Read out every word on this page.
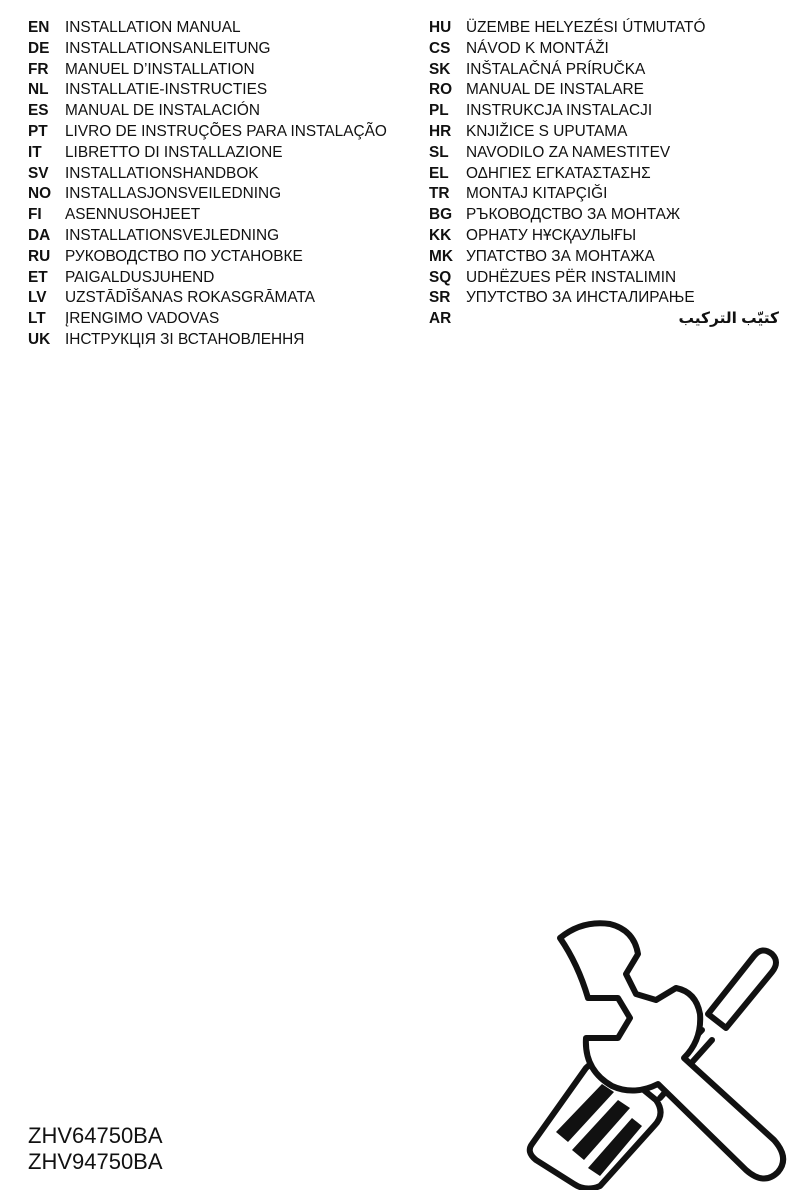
EN	INSTALLATION MANUAL
DE	INSTALLATIONSANLEITUNG
FR	MANUEL D’INSTALLATION
NL	INSTALLATIE-INSTRUCTIES
ES	MANUAL DE INSTALACIÓN
PT	LIVRO DE INSTRUÇÕES PARA INSTALAÇÃO
IT	LIBRETTO DI INSTALLAZIONE
SV	INSTALLATIONSHANDBOK
NO INSTALLASJONSVEILEDNING
FI	ASENNUSOHJEET
DA INSTALLATIONSVEJLEDNING
RU РУКОВОДСТВО ПО УСТАНОВКЕ
ET	PAIGALDUSJUHEND
LV	UZSTĀDĪŠANAS ROKASGRĀMATA
LT	ĮRENGIMO VADOVAS
UK ІНСТРУКЦІЯ ЗІ ВСТАНОВЛЕННЯ
HU ÜZEMBE HELYEZÉSI ÚTMUTATÓ
CS	NÁVOD K MONTÁŽI
SK	INŠTALAČNÁ PRÍRUČKA
RO MANUAL DE INSTALARE
PL	INSTRUKCJA INSTALACJI
HR KNJIŽICE S UPUTAMA
SL	NAVODILO ZA NAMESTITEV
EL	ΟΔΗΓΙΕΣ ΕΓΚΑΤΑΣΤΑΣΗΣ
TR	MONTAJ KITAPÇIĞI
BG РЪКОВОДСТВО ЗА МОНТАЖ
KK ОРНАТУ НҰСҚАУЛЫҒЫ
MK УПАТСТВО ЗА МОНТАЖА
SQ UDHËZUES PËR INSTALIMIN
SR	УПУТСТВО ЗА ИНСТАЛИРАЊЕ
AR	كتيّب التركيب
ZHV64750BA
ZHV94750BA
